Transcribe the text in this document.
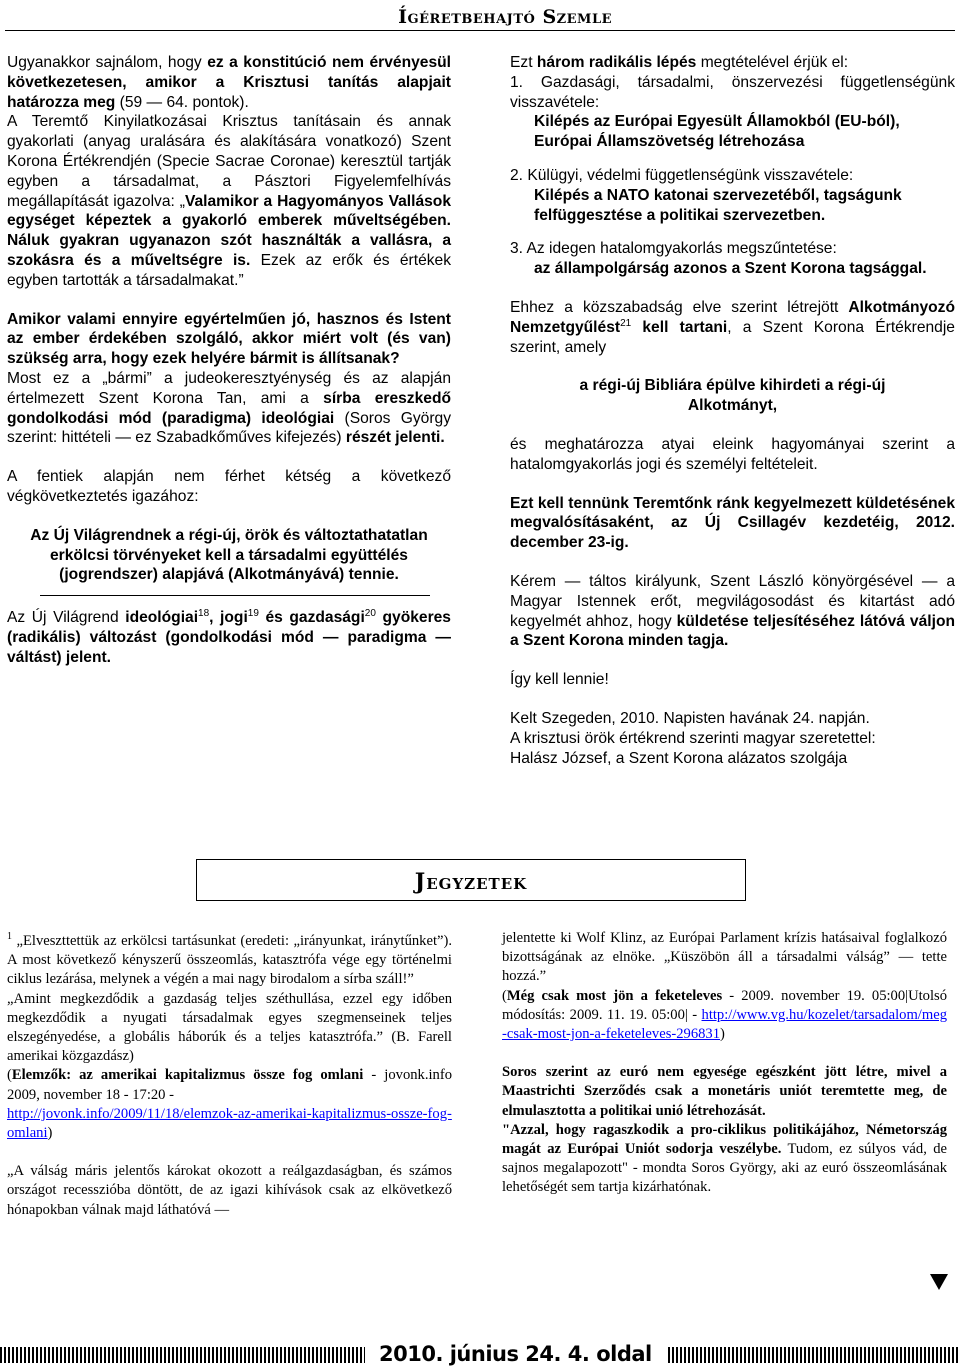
Ígéretbehajtó Szemle

Ugyanakkor sajnálom, hogy ez a konstitúció nem érvényesül következetesen, amikor a Krisztusi tanítás alapjait határozza meg (59 — 64. pontok).

A Teremtő Kinyilatkozásai Krisztus tanításain és annak gyakorlati (anyag uralására és alakítására vonatkozó) Szent Korona Értékrendjén (Specie Sacrae Coronae) keresztül tartják egyben a társadalmat, a Pásztori Figyelemfelhívás megállapítását igazolva: „Valamikor a Hagyományos Vallások egységet képeztek a gyakorló emberek műveltségében. Náluk gyakran ugyanazon szót használták a vallásra, a szokásra és a műveltségre is. Ezek az erők és értékek egyben tartották a társadalmakat.”

Amikor valami ennyire egyértelműen jó, hasznos és Istent az ember érdekében szolgáló, akkor miért volt (és van) szükség arra, hogy ezek helyére bármit is állítsanak?

Most ez a „bármi” a judeokeresztyénység és az alapján értelmezett Szent Korona Tan, ami a sírba ereszkedő gondolkodási mód (paradigma) ideológiai (Soros György szerint: hittételi — ez Szabadkőműves kifejezés) részét jelenti.

A fentiek alapján nem férhet kétség a következő végkövetkeztetés igazához:

Az Új Világrendnek a régi-új, örök és változtathatatlan erkölcsi törvényeket kell a társadalmi együttélés (jogrendszer) alapjává (Alkotmányává) tennie.

Az Új Világrend ideológiai$^{18}$, jogi$^{19}$ és gazdasági$^{20}$ gyökeres (radikális) változást (gondolkodási mód — paradigma — váltást) jelent.

Ezt három radikális lépés megtételével érjük el:

1. Gazdasági, társadalmi, önszervezési függetlenségünk visszavétele:

Kilépés az Európai Egyesült Államokból (EU-ból), Európai Államszövetség létrehozása

2. Külügyi, védelmi függetlenségünk visszavétele:

Kilépés a NATO katonai szervezetéből, tagságunk felfüggesztése a politikai szervezetben.

3. Az idegen hatalomgyakorlás megszűntetése:

az állampolgárság azonos a Szent Korona tagsággal.

Ehhez a közszabadság elve szerint létrejött Alkotmányozó Nemzetgyűlést$^{21}$ kell tartani, a Szent Korona Értékrendje szerint, amely

a régi-új Bibliára épülve kihirdeti a régi-új Alkotmányt,

és meghatározza atyai eleink hagyományai szerint a hatalomgyakorlás jogi és személyi feltételeit.

Ezt kell tennünk Teremtőnk ránk kegyelmezett küldetésének megvalósításaként, az Új Csillagév kezdetéig, 2012. december 23-ig.

Kérem — táltos királyunk, Szent László könyörgésével — a Magyar Istennek erőt, megvilágosodást és kitartást adó kegyelmét ahhoz, hogy küldetése teljesítéséhez látóvá váljon a Szent Korona minden tagja.

Így kell lennie!

Kelt Szegeden, 2010. Napisten havának 24. napján.

A krisztusi örök értékrend szerinti magyar szeretettel:

Halász József, a Szent Korona alázatos szolgája

Jegyzetek

$^1$ „Elveszttettük az erkölcsi tartásunkat (eredeti: „irányunkat, iránytűnket”). A most következő kényszerű összeomlás, katasztrófa vége egy történelmi ciklus lezárása, melynek a végén a mai nagy birodalom a sírba száll!”

„Amint megkezdődik a gazdaság teljes széthullása, ezzel egy időben megkezdődik a nyugati társadalmak egyes szegmenseinek teljes elszegényedése, a globális háborúk és a teljes katasztrófa.” (B. Farell amerikai közgazdász)

(Elemzők: az amerikai kapitalizmus össze fog omlani - jovonk.info 2009, november 18 - 17:20 -
http://jovonk.info/2009/11/18/elemzok-az-amerikai-kapitalizmus-ossze-fog-omlani)

„A válság máris jelentős károkat okozott a reálgazdaságban, és számos országot recesszióba döntött, de az igazi kihívások csak az elkövetkező hónapokban válnak majd láthatóvá —

jelentette ki Wolf Klinz, az Európai Parlament krízis hatásaival foglalkozó bizottságának az elnöke. „Küszöbön áll a társadalmi válság” — tette hozzá.”

(Még csak most jön a feketeleves - 2009. november 19. 05:00|Utolsó módosítás: 2009. 11. 19. 05:00| - http://www.vg.hu/kozelet/tarsadalom/meg-csak-most-jon-a-feketeleves-296831)

Soros szerint az euró nem egyesége egészként jött létre, mivel a Maastrichti Szerződés csak a monetáris uniót teremtette meg, de elmulasztotta a politikai unió létrehozását.

"Azzal, hogy ragaszkodik a pro-ciklikus politikájához, Németország magát az Európai Uniót sodorja veszélybe. Tudom, ez súlyos vád, de sajnos megalapozott" - mondta Soros György, aki az euró összeomlásának lehetőségét sem tartja kizárhatónak.

2010. június 24. 4. oldal
